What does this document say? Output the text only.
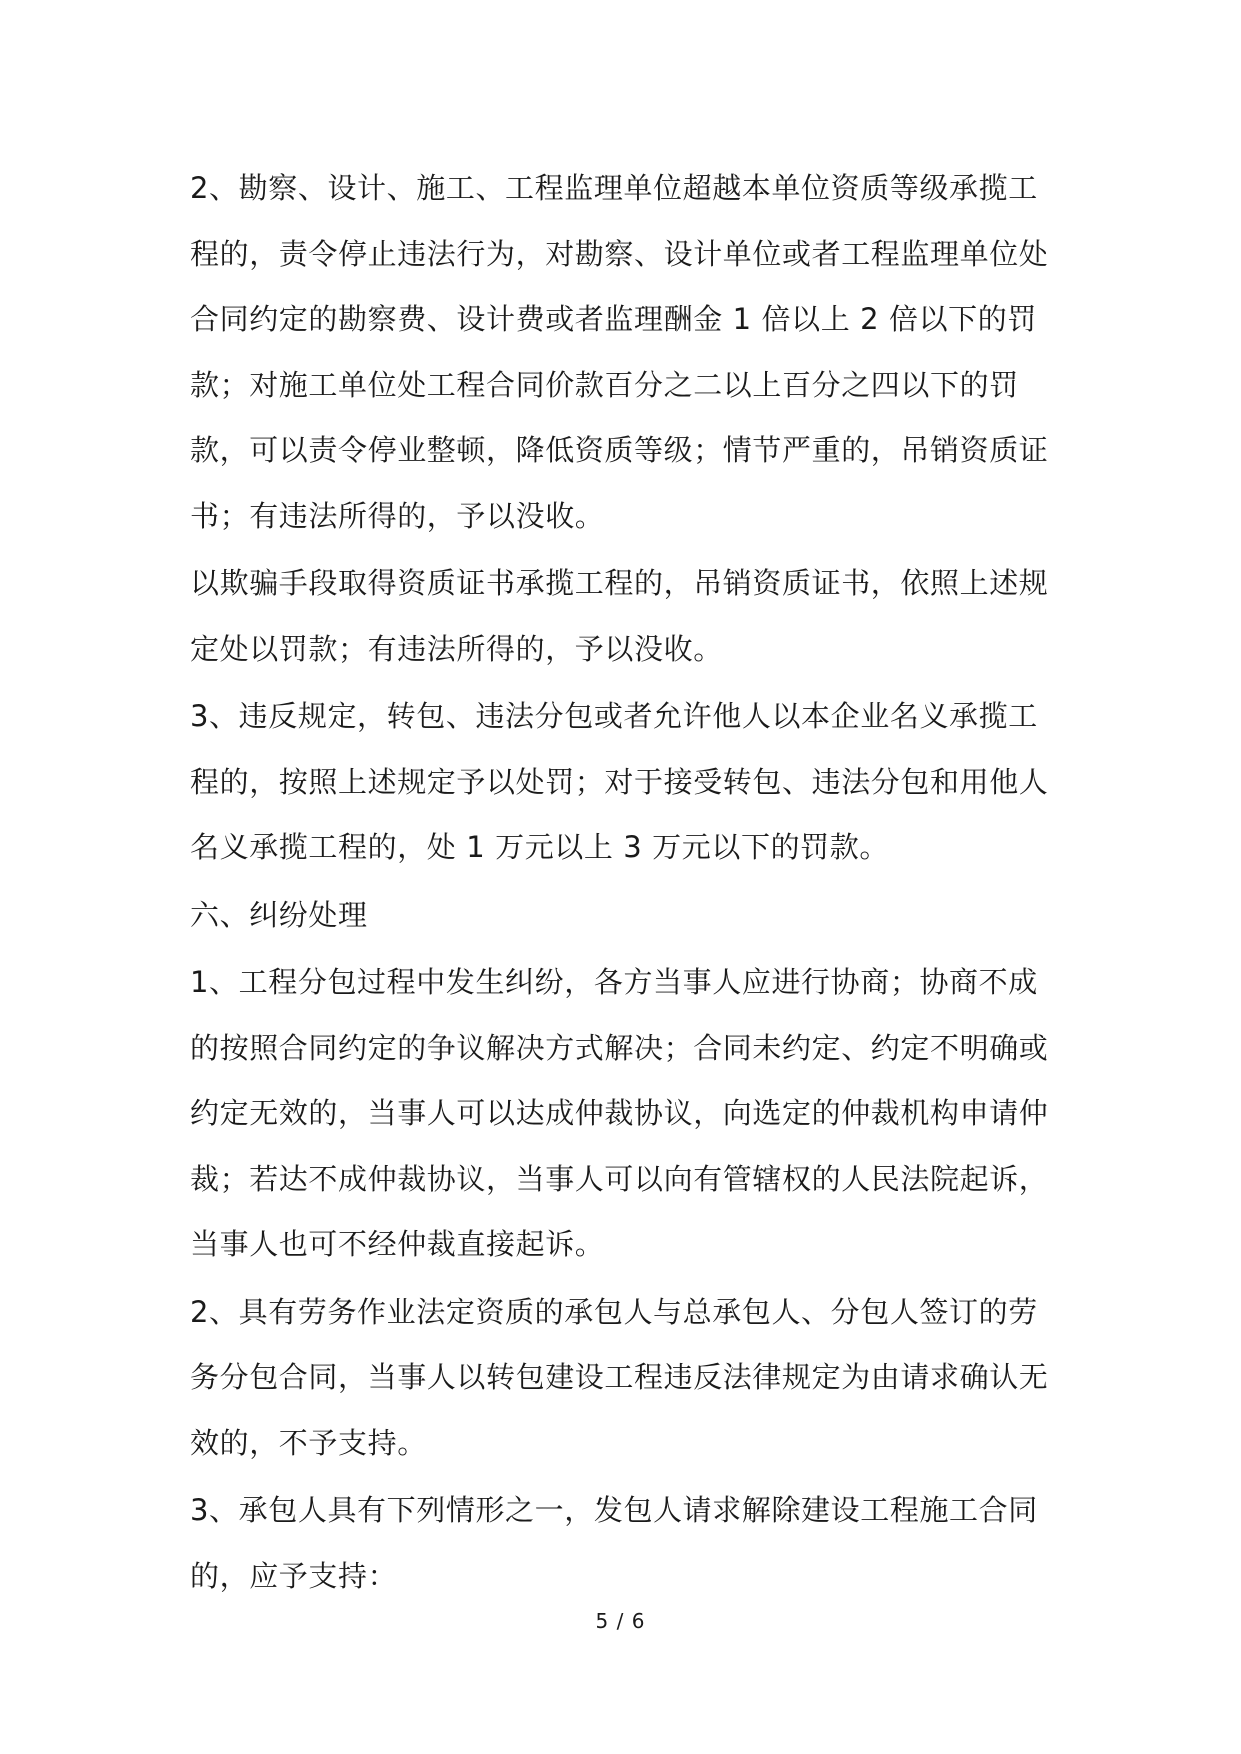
2、勘察、设计、施工、工程监理单位超越本单位资质等级承揽工程的，责令停止违法行为，对勘察、设计单位或者工程监理单位处合同约定的勘察费、设计费或者监理酬金 1 倍以上 2 倍以下的罚款；对施工单位处工程合同价款百分之二以上百分之四以下的罚款，可以责令停业整顿，降低资质等级；情节严重的，吊销资质证书；有违法所得的，予以没收。

以欺骗手段取得资质证书承揽工程的，吊销资质证书，依照上述规定处以罚款；有违法所得的，予以没收。

3、违反规定，转包、违法分包或者允许他人以本企业名义承揽工程的，按照上述规定予以处罚；对于接受转包、违法分包和用他人名义承揽工程的，处 1 万元以上 3 万元以下的罚款。

六、纠纷处理

1、工程分包过程中发生纠纷，各方当事人应进行协商；协商不成的按照合同约定的争议解决方式解决；合同未约定、约定不明确或约定无效的，当事人可以达成仲裁协议，向选定的仲裁机构申请仲裁；若达不成仲裁协议，当事人可以向有管辖权的人民法院起诉，当事人也可不经仲裁直接起诉。

2、具有劳务作业法定资质的承包人与总承包人、分包人签订的劳务分包合同，当事人以转包建设工程违反法律规定为由请求确认无效的，不予支持。

3、承包人具有下列情形之一，发包人请求解除建设工程施工合同的，应予支持：

5 / 6
